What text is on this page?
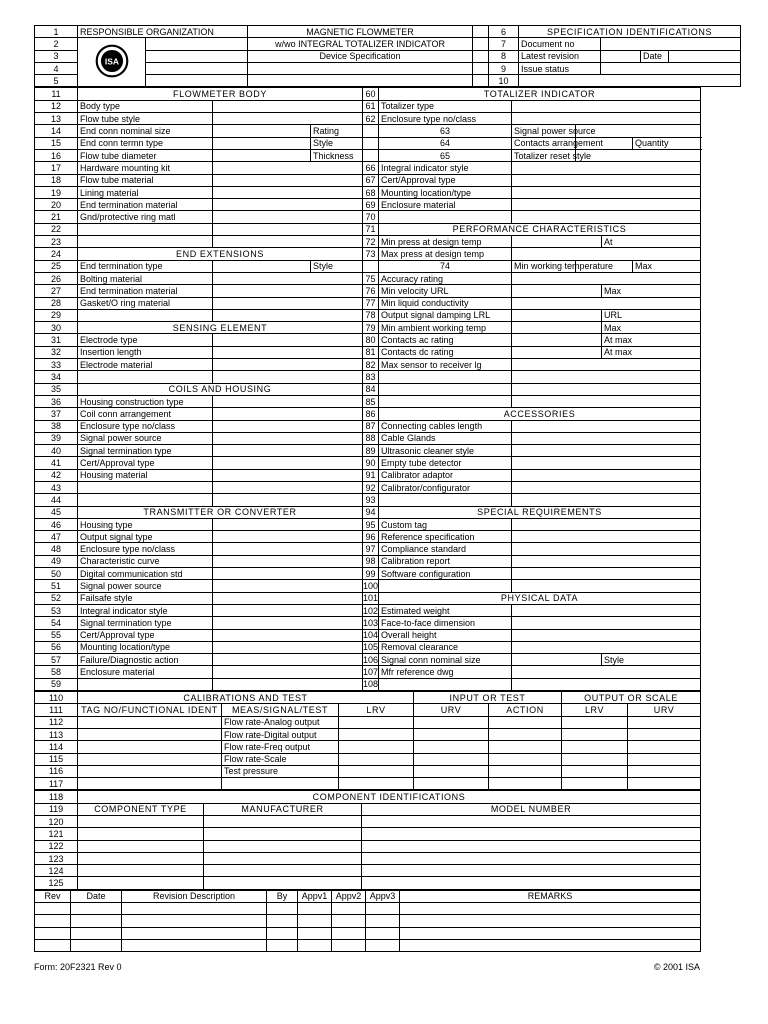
1	RESPONSIBLE ORGANIZATION		MAGNETIC FLOWMETER		6	SPECIFICATION IDENTIFICATIONS			
2	ISA		w/wo INTEGRAL TOTALIZER INDICATOR		7	Document no			
3			Device Specification		8	Latest revision		Date	
4					9	Issue status			
5					10				
11	FLOWMETER BODY			60	TOTALIZER INDICATOR					
12	Body type			61	Totalizer type					
13	Flow tube style			62	Enclosure type no/class					
14	End conn nominal size		Rating		63	Signal power source				
15	End conn termn type		Style		64	Contacts arrangement			Quantity	
16	Flow tube diameter		Thickness		65	Totalizer reset style				
17	Hardware mounting kit			66	Integral indicator style					
18	Flow tube material			67	Cert/Approval type					
19	Lining material			68	Mounting location/type					
20	End termination material			69	Enclosure material					
21	Gnd/protective ring matl			70						
22				71	PERFORMANCE CHARACTERISTICS					
23				72	Min press at design temp			At		
24	END EXTENSIONS			73	Max press at design temp					
25	End termination type		Style		74	Min working temperature			Max	
26	Bolting material			75	Accuracy rating					
27	End termination material			76	Min velocity URL			Max		
28	Gasket/O ring material			77	Min liquid conductivity					
29				78	Output signal damping LRL			URL		
30	SENSING ELEMENT			79	Min ambient working temp			Max		
31	Electrode type			80	Contacts ac rating			At max		
32	Insertion length			81	Contacts dc rating			At max		
33	Electrode material			82	Max sensor to receiver lg					
34				83						
35	COILS AND HOUSING			84						
36	Housing construction type			85						
37	Coil conn arrangement			86	ACCESSORIES					
38	Enclosure type no/class			87	Connecting cables length					
39	Signal power source			88	Cable Glands					
40	Signal termination type			89	Ultrasonic cleaner style					
41	Cert/Approval type			90	Empty tube detector					
42	Housing material			91	Calibrator adaptor					
43				92	Calibrator/configurator					
44				93						
45	TRANSMITTER OR CONVERTER			94	SPECIAL REQUIREMENTS					
46	Housing type			95	Custom tag					
47	Output signal type			96	Reference specification					
48	Enclosure type no/class			97	Compliance standard					
49	Characteristic curve			98	Calibration report					
50	Digital communication std			99	Software configuration					
51	Signal power source			100						
52	Failsafe style			101	PHYSICAL DATA					
53	Integral indicator style			102	Estimated weight					
54	Signal termination type			103	Face-to-face dimension					
55	Cert/Approval type			104	Overall height					
56	Mounting location/type			105	Removal clearance					
57	Failure/Diagnostic action			106	Signal conn nominal size			Style		
58	Enclosure material			107	Mfr reference dwg					
59				108						
110	CALIBRATIONS AND TEST			INPUT OR TEST		OUTPUT OR SCALE	
111	TAG NO/FUNCTIONAL IDENT	MEAS/SIGNAL/TEST	LRV	URV	ACTION	LRV	URV
112		Flow rate-Analog output					
113		Flow rate-Digital output					
114		Flow rate-Freq output					
115		Flow rate-Scale					
116		Test pressure					
117							
118	COMPONENT IDENTIFICATIONS		
119	COMPONENT TYPE	MANUFACTURER	MODEL NUMBER
120			
121			
122			
123			
124			
125			
Rev	Date	Revision Description	By	Appv1	Appv2	Appv3	REMARKS

Form: 20F2321 Rev 0	© 2001 ISA
